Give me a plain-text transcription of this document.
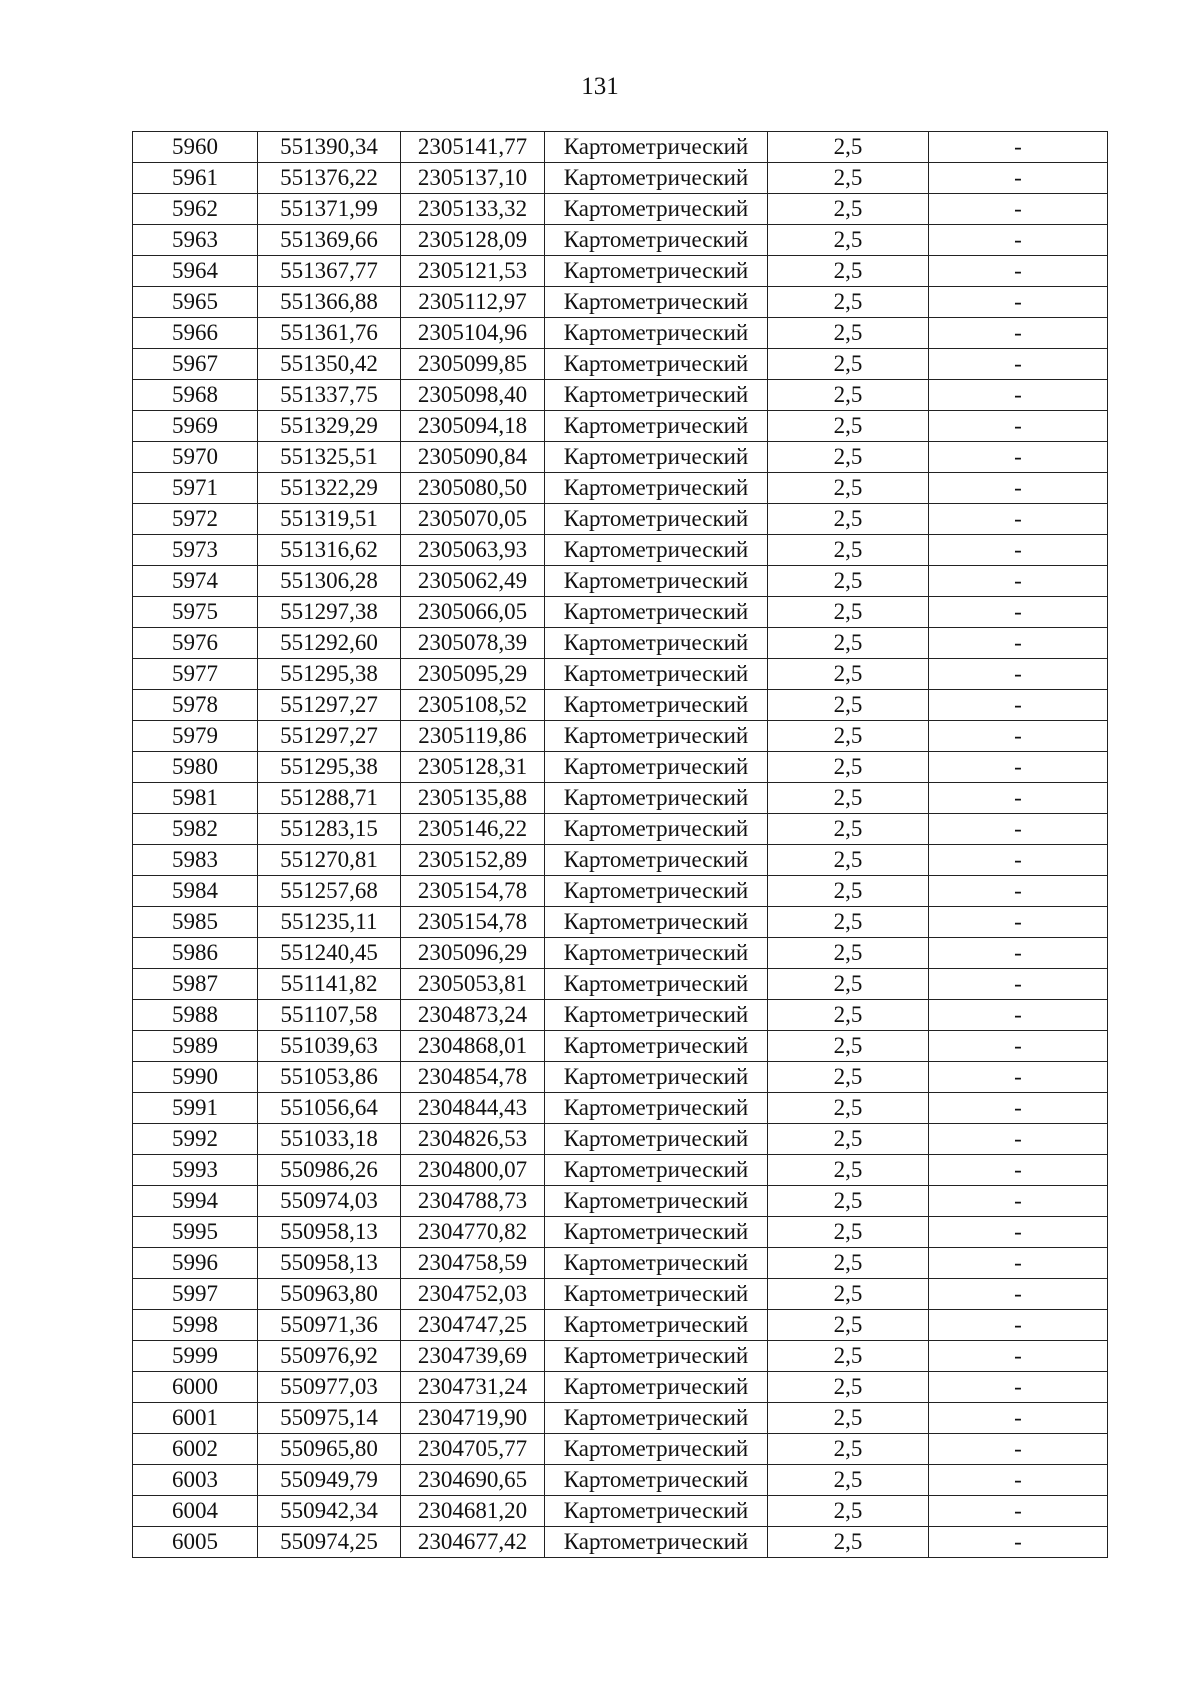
131
5960	551390,34	2305141,77	Картометрический	2,5	-
5961	551376,22	2305137,10	Картометрический	2,5	-
5962	551371,99	2305133,32	Картометрический	2,5	-
5963	551369,66	2305128,09	Картометрический	2,5	-
5964	551367,77	2305121,53	Картометрический	2,5	-
5965	551366,88	2305112,97	Картометрический	2,5	-
5966	551361,76	2305104,96	Картометрический	2,5	-
5967	551350,42	2305099,85	Картометрический	2,5	-
5968	551337,75	2305098,40	Картометрический	2,5	-
5969	551329,29	2305094,18	Картометрический	2,5	-
5970	551325,51	2305090,84	Картометрический	2,5	-
5971	551322,29	2305080,50	Картометрический	2,5	-
5972	551319,51	2305070,05	Картометрический	2,5	-
5973	551316,62	2305063,93	Картометрический	2,5	-
5974	551306,28	2305062,49	Картометрический	2,5	-
5975	551297,38	2305066,05	Картометрический	2,5	-
5976	551292,60	2305078,39	Картометрический	2,5	-
5977	551295,38	2305095,29	Картометрический	2,5	-
5978	551297,27	2305108,52	Картометрический	2,5	-
5979	551297,27	2305119,86	Картометрический	2,5	-
5980	551295,38	2305128,31	Картометрический	2,5	-
5981	551288,71	2305135,88	Картометрический	2,5	-
5982	551283,15	2305146,22	Картометрический	2,5	-
5983	551270,81	2305152,89	Картометрический	2,5	-
5984	551257,68	2305154,78	Картометрический	2,5	-
5985	551235,11	2305154,78	Картометрический	2,5	-
5986	551240,45	2305096,29	Картометрический	2,5	-
5987	551141,82	2305053,81	Картометрический	2,5	-
5988	551107,58	2304873,24	Картометрический	2,5	-
5989	551039,63	2304868,01	Картометрический	2,5	-
5990	551053,86	2304854,78	Картометрический	2,5	-
5991	551056,64	2304844,43	Картометрический	2,5	-
5992	551033,18	2304826,53	Картометрический	2,5	-
5993	550986,26	2304800,07	Картометрический	2,5	-
5994	550974,03	2304788,73	Картометрический	2,5	-
5995	550958,13	2304770,82	Картометрический	2,5	-
5996	550958,13	2304758,59	Картометрический	2,5	-
5997	550963,80	2304752,03	Картометрический	2,5	-
5998	550971,36	2304747,25	Картометрический	2,5	-
5999	550976,92	2304739,69	Картометрический	2,5	-
6000	550977,03	2304731,24	Картометрический	2,5	-
6001	550975,14	2304719,90	Картометрический	2,5	-
6002	550965,80	2304705,77	Картометрический	2,5	-
6003	550949,79	2304690,65	Картометрический	2,5	-
6004	550942,34	2304681,20	Картометрический	2,5	-
6005	550974,25	2304677,42	Картометрический	2,5	-
